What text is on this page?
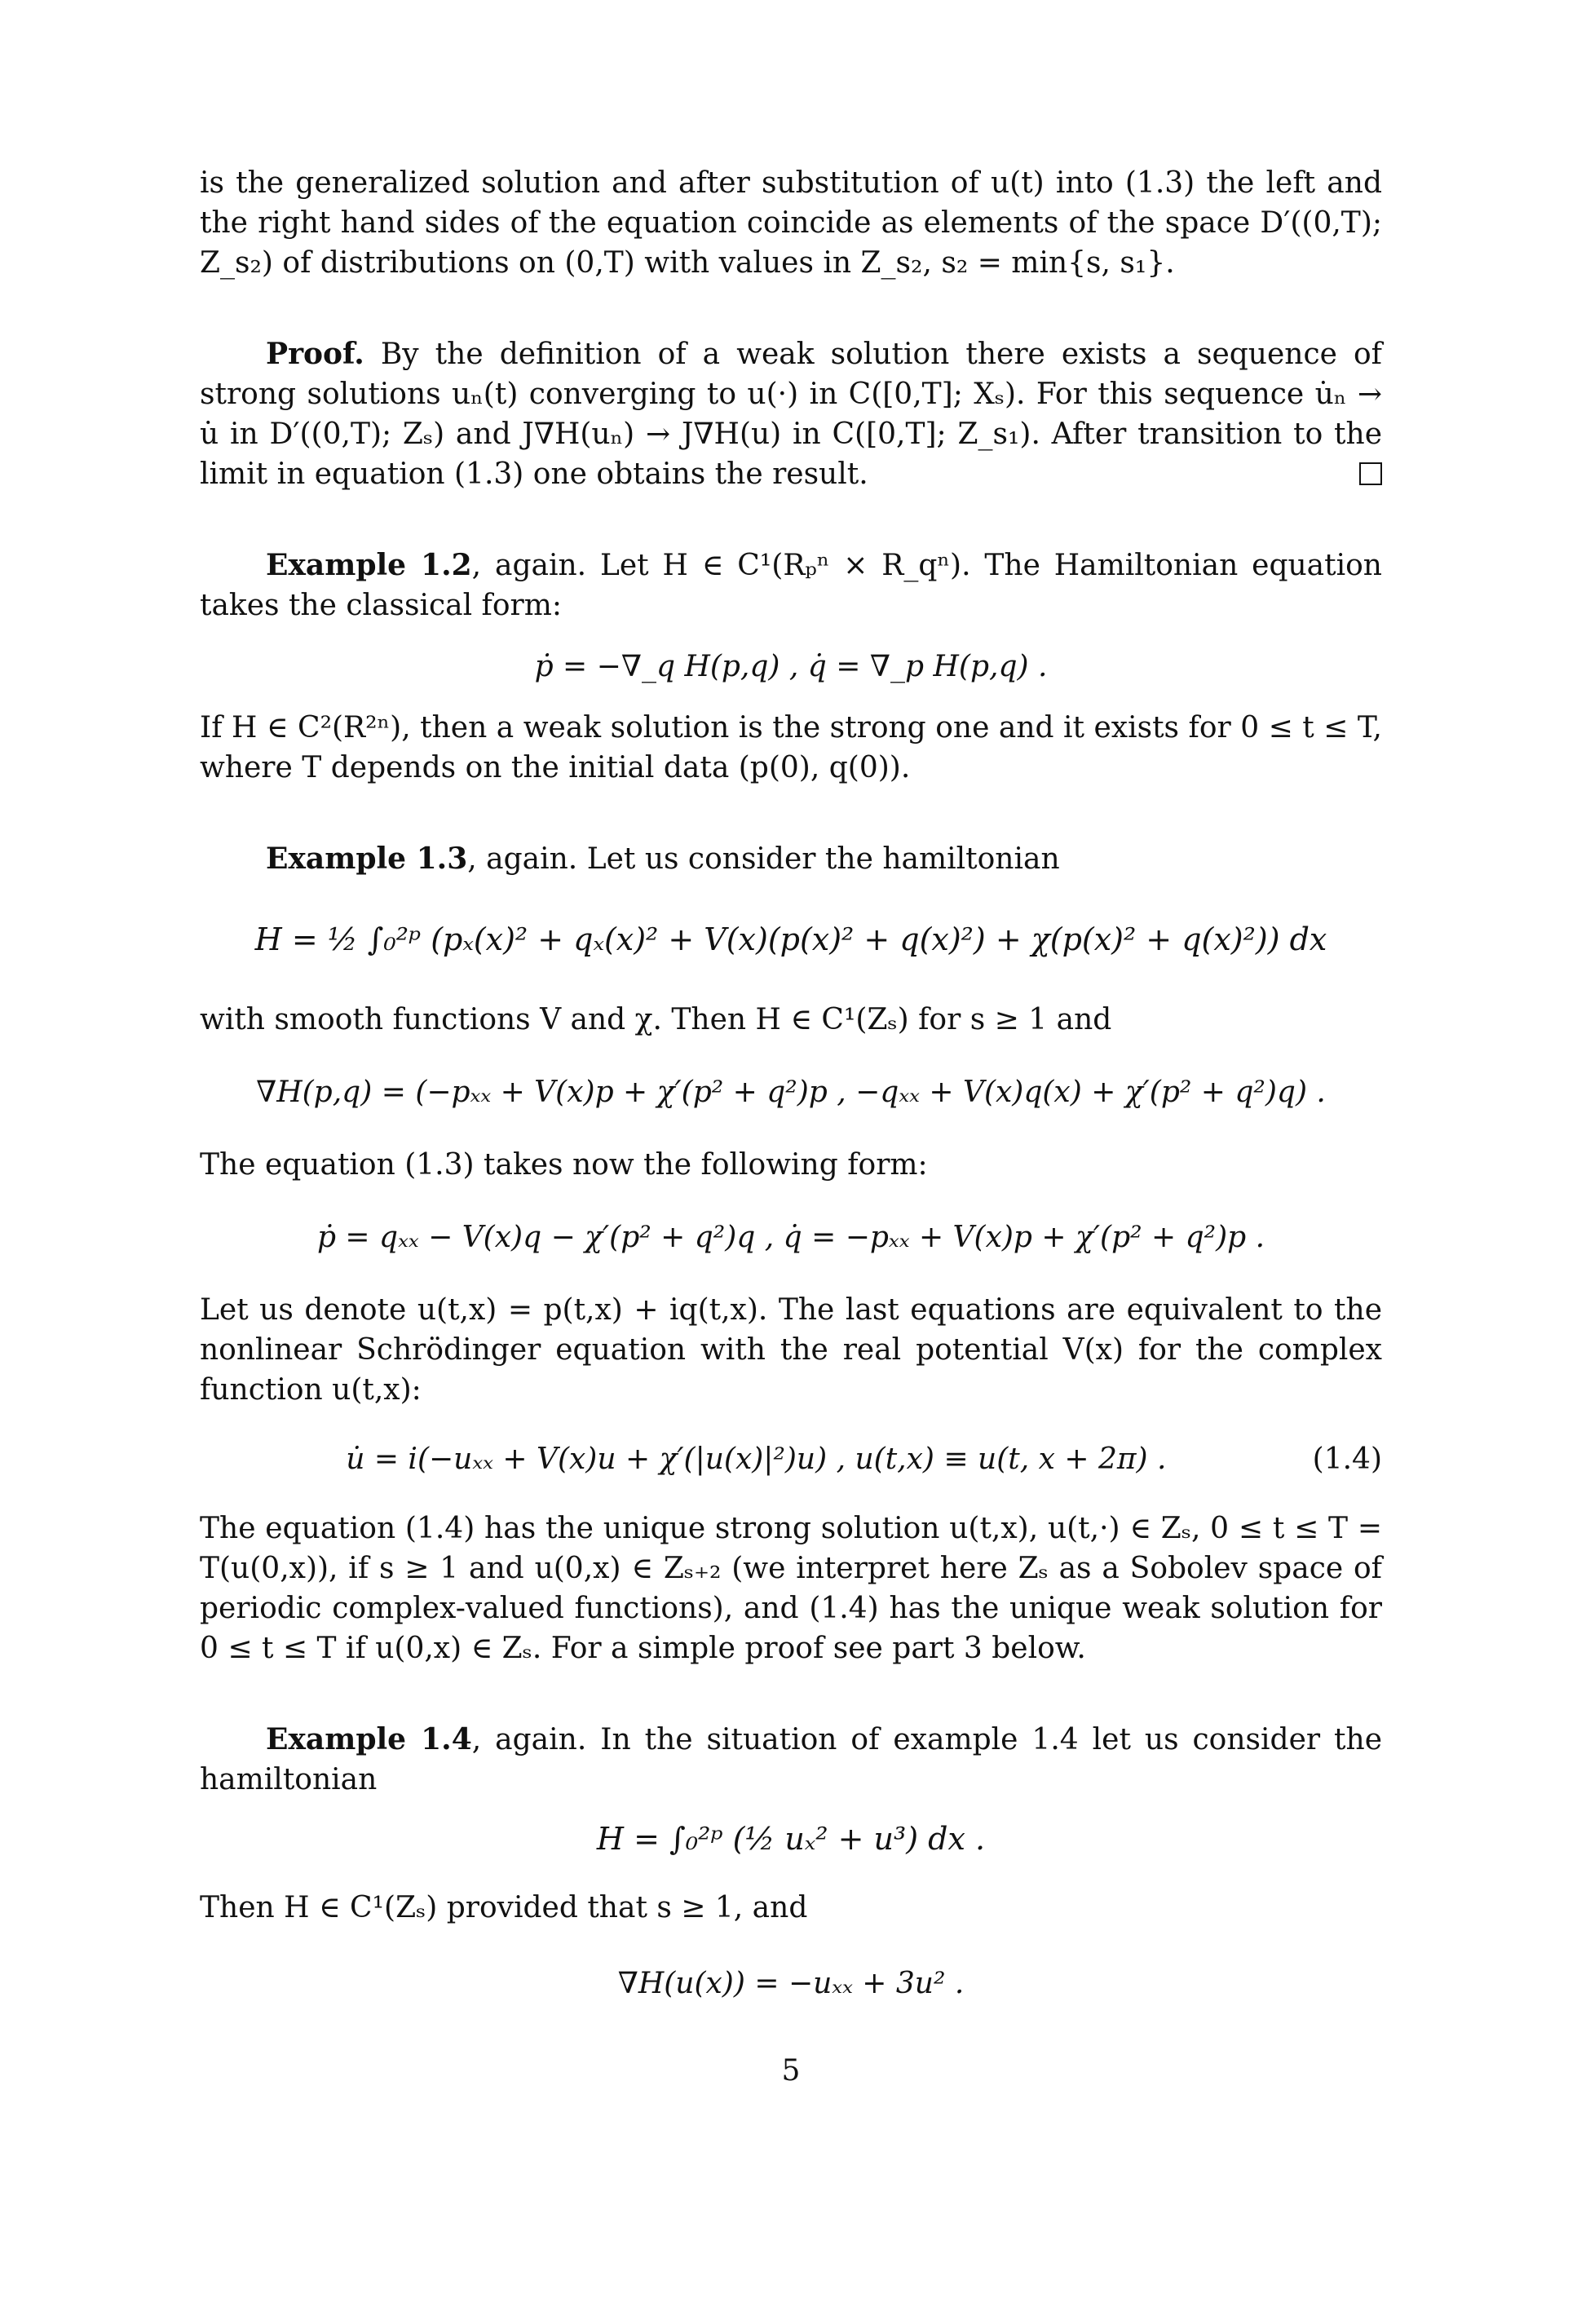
is the generalized solution and after substitution of u(t) into (1.3) the left and the right hand sides of the equation coincide as elements of the space D′((0,T); Z_s₂) of distributions on (0,T) with values in Z_s₂, s₂ = min{s, s₁}.

Proof. By the definition of a weak solution there exists a sequence of strong solutions uₙ(t) converging to u(·) in C([0,T]; Xₛ). For this sequence u̇ₙ → u̇ in D′((0,T); Zₛ) and J∇H(uₙ) → J∇H(u) in C([0,T]; Z_s₁). After transition to the limit in equation (1.3) one obtains the result.

Example 1.2, again. Let H ∈ C¹(Rₚⁿ × R_qⁿ). The Hamiltonian equation takes the classical form:

ṗ = −∇_q H(p,q) , q̇ = ∇_p H(p,q) .

If H ∈ C²(R²ⁿ), then a weak solution is the strong one and it exists for 0 ≤ t ≤ T, where T depends on the initial data (p(0), q(0)).

Example 1.3, again. Let us consider the hamiltonian

H = ½ ∫₀²ᵖ (pₓ(x)² + qₓ(x)² + V(x)(p(x)² + q(x)²) + χ(p(x)² + q(x)²)) dx

with smooth functions V and χ. Then H ∈ C¹(Zₛ) for s ≥ 1 and

∇H(p,q) = (−pₓₓ + V(x)p + χ′(p² + q²)p , −qₓₓ + V(x)q(x) + χ′(p² + q²)q) .

The equation (1.3) takes now the following form:

ṗ = qₓₓ − V(x)q − χ′(p² + q²)q , q̇ = −pₓₓ + V(x)p + χ′(p² + q²)p .

Let us denote u(t,x) = p(t,x) + iq(t,x). The last equations are equivalent to the nonlinear Schrödinger equation with the real potential V(x) for the complex function u(t,x):

u̇ = i(−uₓₓ + V(x)u + χ′(|u(x)|²)u) , u(t,x) ≡ u(t, x + 2π) .	(1.4)

The equation (1.4) has the unique strong solution u(t,x), u(t,·) ∈ Zₛ, 0 ≤ t ≤ T = T(u(0,x)), if s ≥ 1 and u(0,x) ∈ Zₛ₊₂ (we interpret here Zₛ as a Sobolev space of periodic complex-valued functions), and (1.4) has the unique weak solution for 0 ≤ t ≤ T if u(0,x) ∈ Zₛ. For a simple proof see part 3 below.

Example 1.4, again. In the situation of example 1.4 let us consider the hamiltonian

H = ∫₀²ᵖ (½ uₓ² + u³) dx .

Then H ∈ C¹(Zₛ) provided that s ≥ 1, and

∇H(u(x)) = −uₓₓ + 3u² .
5
